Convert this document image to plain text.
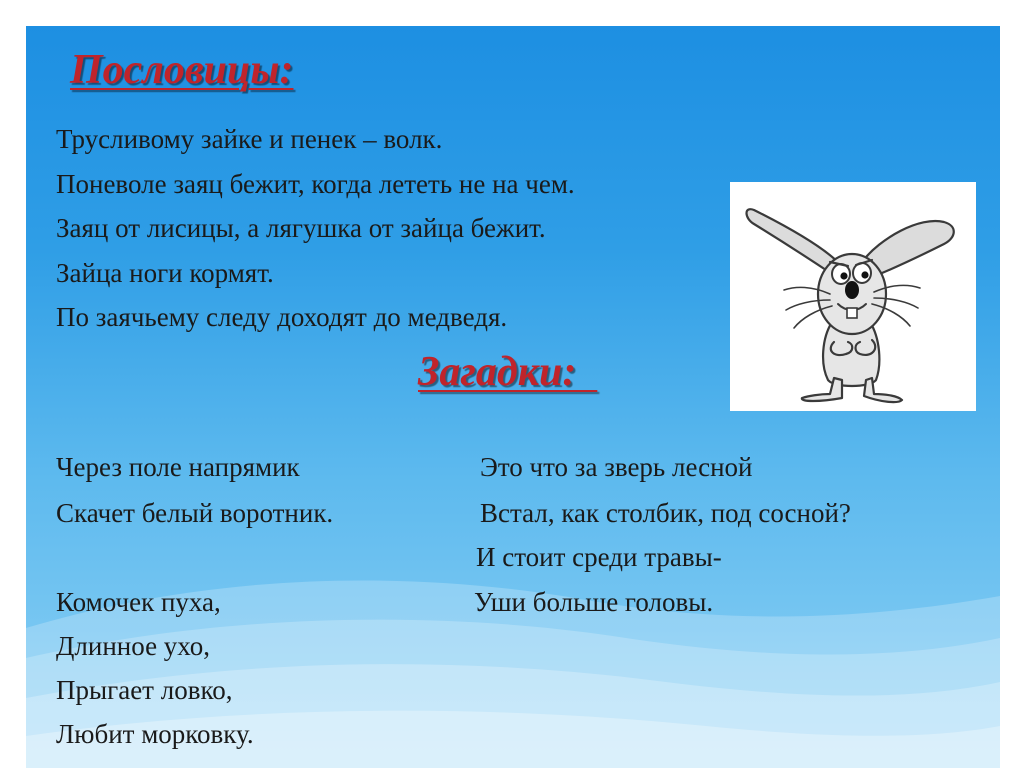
Пословицы:
Трусливому зайке и пенек – волк.
Поневоле заяц бежит, когда лететь не на чем.
Заяц от лисицы, а лягушка от зайца бежит.
Зайца ноги кормят.
По заячьему следу доходят до медведя.
Загадки:
Через поле напрямик
Скачет белый воротник.
Комочек пуха,
Длинное ухо,
Прыгает ловко,
Любит морковку.
Это что за зверь лесной
Встал, как столбик, под сосной?
И стоит среди травы-
Уши больше головы.
